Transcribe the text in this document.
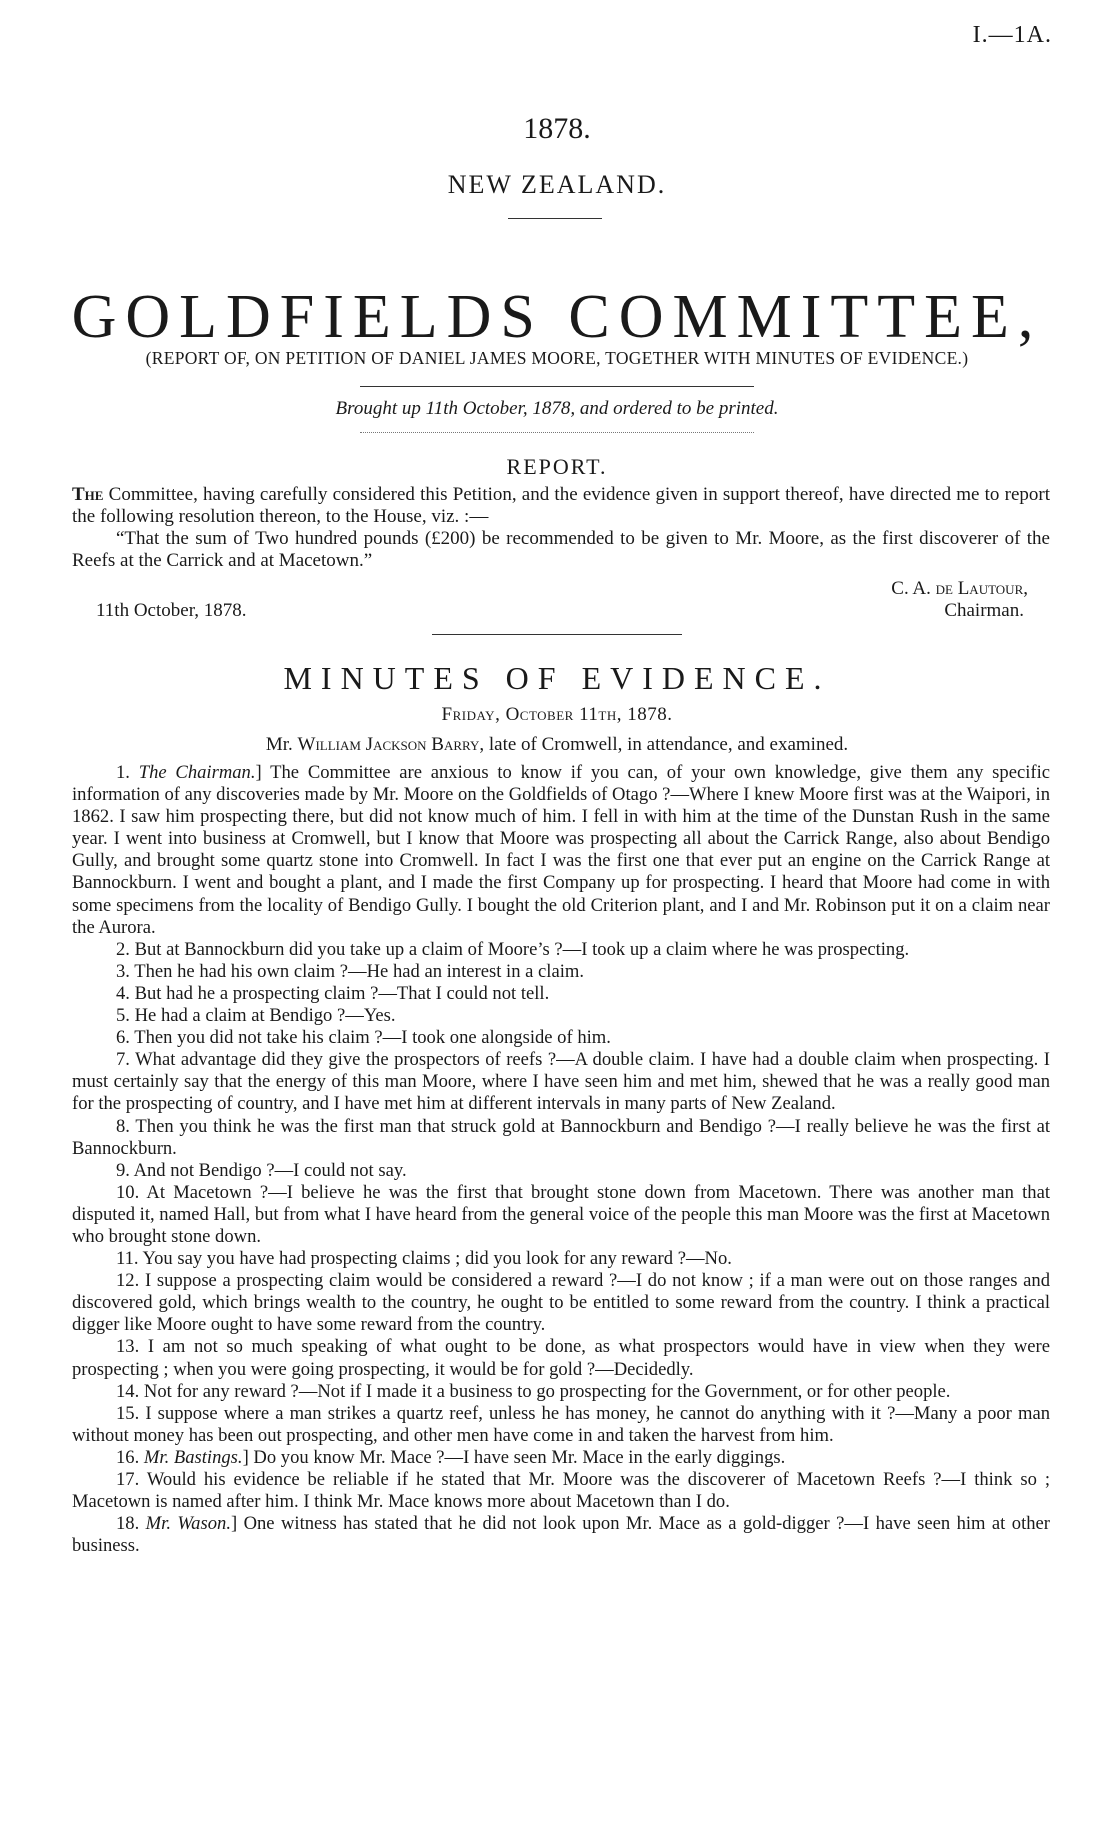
I.—1A.
1878.
NEW ZEALAND.
GOLDFIELDS COMMITTEE,
(REPORT OF, ON PETITION OF DANIEL JAMES MOORE, TOGETHER WITH MINUTES OF EVIDENCE.)
Brought up 11th October, 1878, and ordered to be printed.
REPORT.

The Committee, having carefully considered this Petition, and the evidence given in support thereof, have directed me to report the following resolution thereon, to the House, viz. :—

“That the sum of Two hundred pounds (£200) be recommended to be given to Mr. Moore, as the first discoverer of the Reefs at the Carrick and at Macetown.”

C. A. de Lautour,
11th October, 1878.	Chairman.
MINUTES OF EVIDENCE.
Friday, October 11th, 1878.
Mr. William Jackson Barry, late of Cromwell, in attendance, and examined.

1. The Chairman.] The Committee are anxious to know if you can, of your own knowledge, give them any specific information of any discoveries made by Mr. Moore on the Goldfields of Otago ?—Where I knew Moore first was at the Waipori, in 1862. I saw him prospecting there, but did not know much of him. I fell in with him at the time of the Dunstan Rush in the same year. I went into business at Cromwell, but I know that Moore was prospecting all about the Carrick Range, also about Bendigo Gully, and brought some quartz stone into Cromwell. In fact I was the first one that ever put an engine on the Carrick Range at Bannockburn. I went and bought a plant, and I made the first Company up for prospecting. I heard that Moore had come in with some specimens from the locality of Bendigo Gully. I bought the old Criterion plant, and I and Mr. Robinson put it on a claim near the Aurora.

2. But at Bannockburn did you take up a claim of Moore’s ?—I took up a claim where he was prospecting.

3. Then he had his own claim ?—He had an interest in a claim.

4. But had he a prospecting claim ?—That I could not tell.

5. He had a claim at Bendigo ?—Yes.

6. Then you did not take his claim ?—I took one alongside of him.

7. What advantage did they give the prospectors of reefs ?—A double claim. I have had a double claim when prospecting. I must certainly say that the energy of this man Moore, where I have seen him and met him, shewed that he was a really good man for the prospecting of country, and I have met him at different intervals in many parts of New Zealand.

8. Then you think he was the first man that struck gold at Bannockburn and Bendigo ?—I really believe he was the first at Bannockburn.

9. And not Bendigo ?—I could not say.

10. At Macetown ?—I believe he was the first that brought stone down from Macetown. There was another man that disputed it, named Hall, but from what I have heard from the general voice of the people this man Moore was the first at Macetown who brought stone down.

11. You say you have had prospecting claims ; did you look for any reward ?—No.

12. I suppose a prospecting claim would be considered a reward ?—I do not know ; if a man were out on those ranges and discovered gold, which brings wealth to the country, he ought to be entitled to some reward from the country. I think a practical digger like Moore ought to have some reward from the country.

13. I am not so much speaking of what ought to be done, as what prospectors would have in view when they were prospecting ; when you were going prospecting, it would be for gold ?—Decidedly.

14. Not for any reward ?—Not if I made it a business to go prospecting for the Government, or for other people.

15. I suppose where a man strikes a quartz reef, unless he has money, he cannot do anything with it ?—Many a poor man without money has been out prospecting, and other men have come in and taken the harvest from him.

16. Mr. Bastings.] Do you know Mr. Mace ?—I have seen Mr. Mace in the early diggings.

17. Would his evidence be reliable if he stated that Mr. Moore was the discoverer of Macetown Reefs ?—I think so ; Macetown is named after him. I think Mr. Mace knows more about Macetown than I do.

18. Mr. Wason.] One witness has stated that he did not look upon Mr. Mace as a gold-digger ?—I have seen him at other business.
